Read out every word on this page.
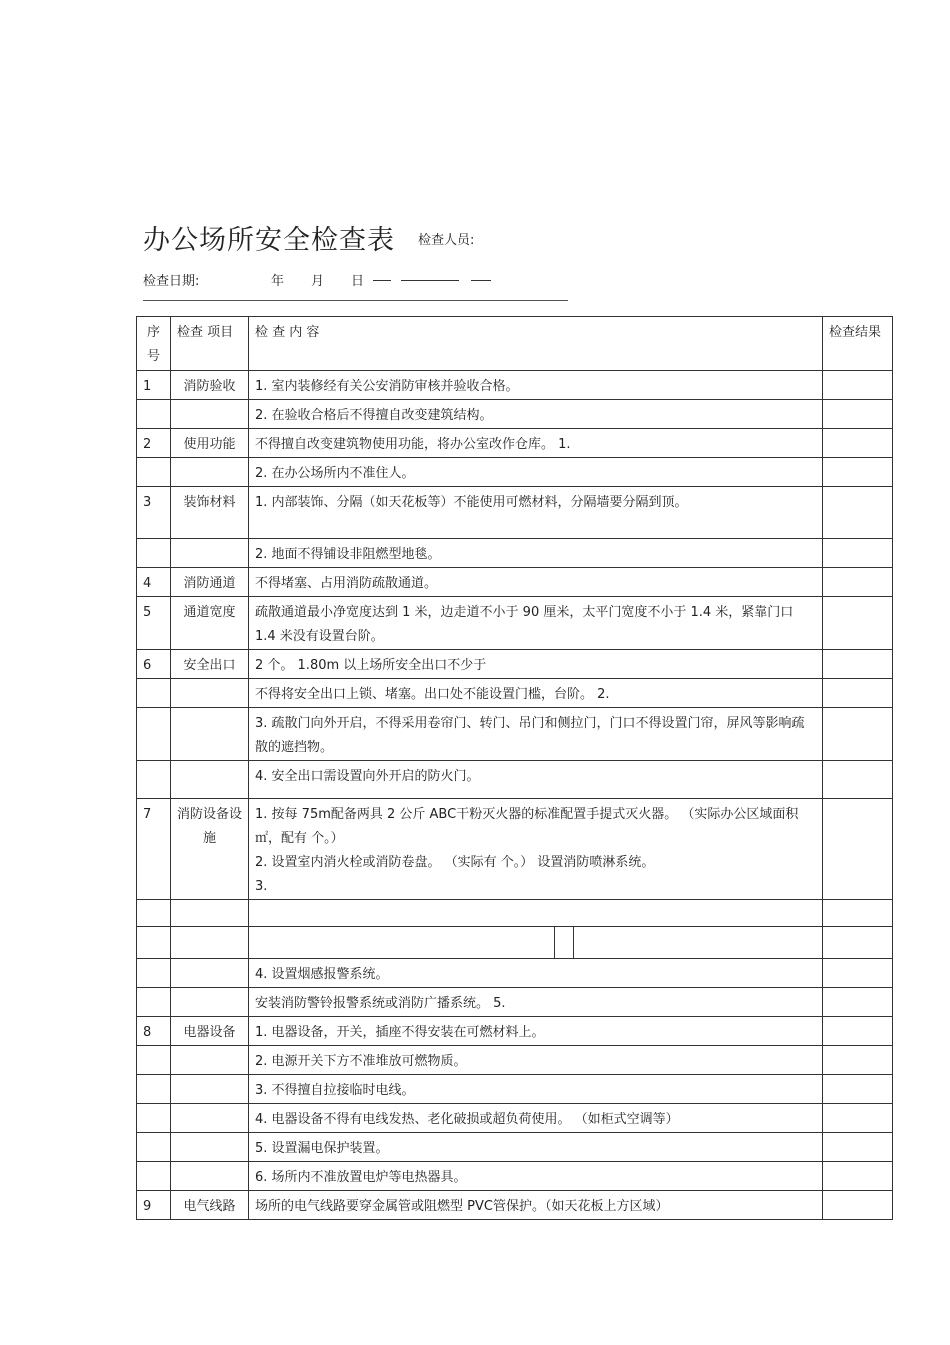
办公场所安全检查表 检查人员:
检查日期:	年 月 日
序 号	检查 项目	检 查 内 容	检查结果
1	消防验收	1. 室内装修经有关公安消防审核并验收合格。	
		2. 在验收合格后不得擅自改变建筑结构。	
2	使用功能	不得擅自改变建筑物使用功能，将办公室改作仓库。 1.	
		2. 在办公场所内不准住人。	
3	装饰材料	1. 内部装饰、分隔（如天花板等）不能使用可燃材料，分隔墙要分隔到顶。	
		2. 地面不得铺设非阻燃型地毯。	
4	消防通道	不得堵塞、占用消防疏散通道。	
5	通道宽度	疏散通道最小净宽度达到 1 米，边走道不小于 90 厘米，太平门宽度不小于 1.4 米，紧靠门口 1.4 米没有设置台阶。	
6	安全出口	2 个。 1.80m 以上场所安全出口不少于	
		不得将安全出口上锁、堵塞。出口处不能设置门槛，台阶。 2.	
		3. 疏散门向外开启，不得采用卷帘门、转门、吊门和侧拉门，门口不得设置门帘，屏风等影响疏散的遮挡物。	
		4. 安全出口需设置向外开启的防火门。	
7	消防设备设施	1. 按每 75m配备两具 2 公斤 ABC干粉灭火器的标准配置手提式灭火器。 （实际办公区域面积 ㎡，配有 个。）
2. 设置室内消火栓或消防卷盘。 （实际有 个。） 设置消防喷淋系统。
3.	

		4. 设置烟感报警系统。	
		安装消防警铃报警系统或消防广播系统。 5.	
8	电器设备	1. 电器设备，开关，插座不得安装在可燃材料上。	
		2. 电源开关下方不准堆放可燃物质。	
		3. 不得擅自拉接临时电线。	
		4. 电器设备不得有电线发热、老化破损或超负荷使用。 （如柜式空调等）	
		5. 设置漏电保护装置。	
		6. 场所内不准放置电炉等电热器具。	
9	电气线路	场所的电气线路要穿金属管或阻燃型 PVC管保护。（如天花板上方区域）	
